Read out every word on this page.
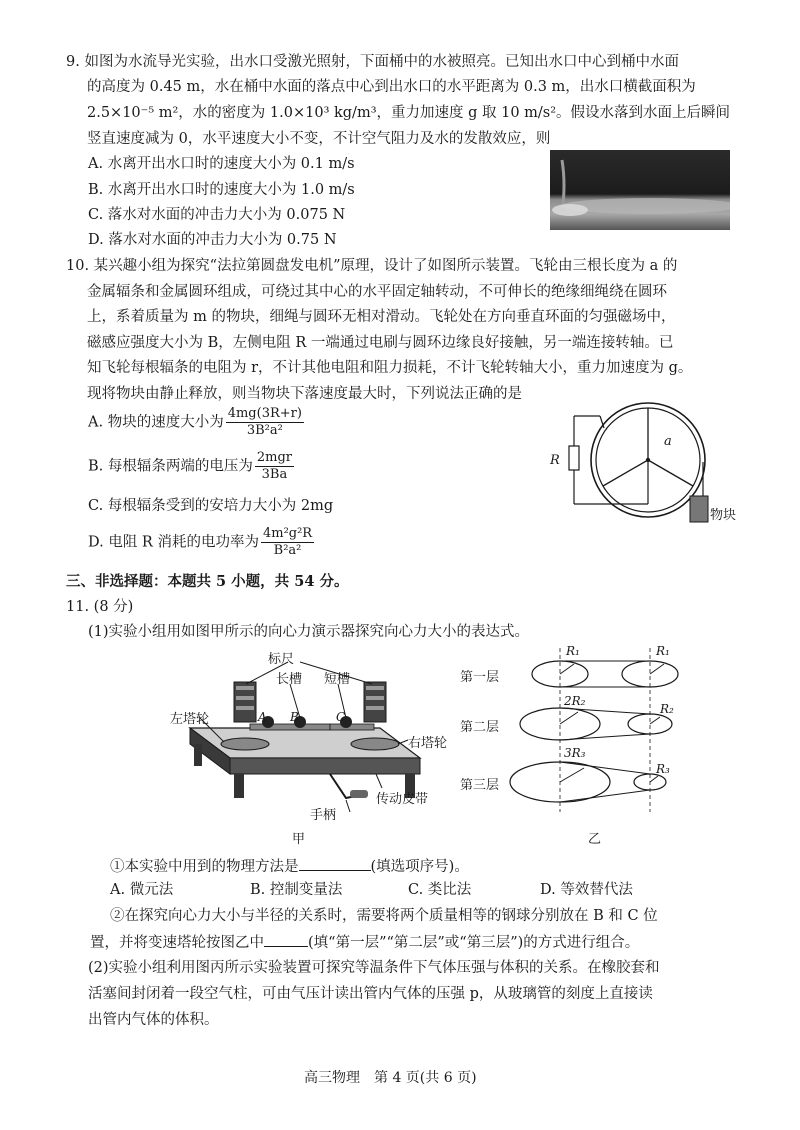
9. 如图为水流导光实验，出水口受激光照射，下面桶中的水被照亮。已知出水口中心到桶中水面
的高度为 0.45 m，水在桶中水面的落点中心到出水口的水平距离为 0.3 m，出水口横截面积为
2.5×10⁻⁵ m²，水的密度为 1.0×10³ kg/m³，重力加速度 g 取 10 m/s²。假设水落到水面上后瞬间
竖直速度减为 0，水平速度大小不变，不计空气阻力及水的发散效应，则
A. 水离开出水口时的速度大小为 0.1 m/s
B. 水离开出水口时的速度大小为 1.0 m/s
C. 落水对水面的冲击力大小为 0.075 N
D. 落水对水面的冲击力大小为 0.75 N
10. 某兴趣小组为探究“法拉第圆盘发电机”原理，设计了如图所示装置。飞轮由三根长度为 a 的
金属辐条和金属圆环组成，可绕过其中心的水平固定轴转动，不可伸长的绝缘细绳绕在圆环
上，系着质量为 m 的物块，细绳与圆环无相对滑动。飞轮处在方向垂直环面的匀强磁场中，
磁感应强度大小为 B，左侧电阻 R 一端通过电刷与圆环边缘良好接触，另一端连接转轴。已
知飞轮每根辐条的电阻为 r，不计其他电阻和阻力损耗，不计飞轮转轴大小，重力加速度为 g。
现将物块由静止释放，则当物块下落速度最大时，下列说法正确的是
A. 物块的速度大小为 $\frac{4mg(3R+r)}{\text{3B²a²}}$
B. 每根辐条两端的电压为 $\frac{\text{2mgr}}{3Ba}$
C. 每根辐条受到的安培力大小为 2mg
D. 电阻 R 消耗的电功率为 $\frac{\text{4m²g²R}}{\text{B²a²}}$
R
a
物块
三、非选择题：本题共 5 小题，共 54 分。
11. (8 分)
(1)实验小组用如图甲所示的向心力演示器探究向心力大小的表达式。
标尺
长槽 短槽
左塔轮
右塔轮
手柄
传动皮带
A B	C
甲
第一层
第二层
第三层
R₁	R₁
2R₂
R₂
3R₃
R₃
乙
①本实验中用到的物理方法是	(填选项序号)。
A. 微元法	B. 控制变量法	C. 类比法	D. 等效替代法
②在探究向心力大小与半径的关系时，需要将两个质量相等的钢球分别放在 B 和 C 位
置，并将变速塔轮按图乙中	(填“第一层”“第二层”或“第三层”)的方式进行组合。
(2)实验小组利用图丙所示实验装置可探究等温条件下气体压强与体积的关系。在橡胶套和
活塞间封闭着一段空气柱，可由气压计读出管内气体的压强 p，从玻璃管的刻度上直接读
出管内气体的体积。
高三物理　第 4 页(共 6 页)
